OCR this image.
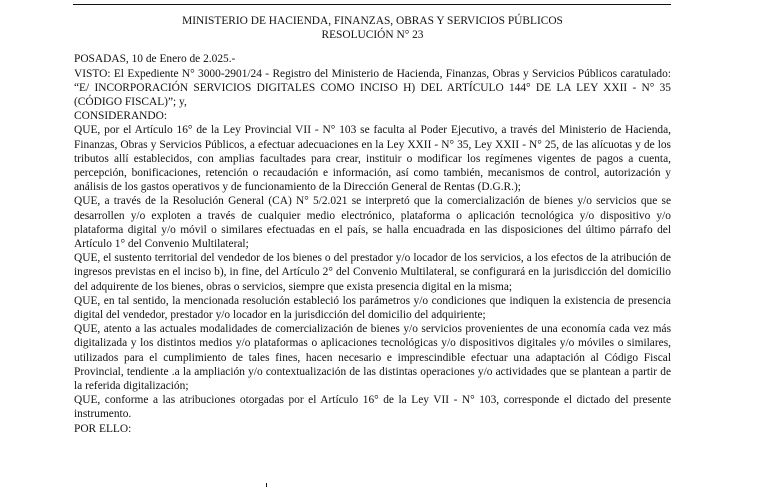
MINISTERIO DE HACIENDA, FINANZAS, OBRAS Y SERVICIOS PÚBLICOS

RESOLUCIÓN N° 23

POSADAS, 10 de Enero de 2.025.-

VISTO: El Expediente N° 3000-2901/24 - Registro del Ministerio de Hacienda, Finanzas, Obras y Servicios Públicos caratulado: “E/ INCORPORACIÓN SERVICIOS DIGITALES COMO INCISO H) DEL ARTÍCULO 144° DE LA LEY XXII - N° 35 (CÓDIGO FISCAL)”; y,

CONSIDERANDO:

QUE, por el Artículo 16° de la Ley Provincial VII - N° 103 se faculta al Poder Ejecutivo, a través del Ministerio de Hacienda, Finanzas, Obras y Servicios Públicos, a efectuar adecuaciones en la Ley XXII - N° 35, Ley XXII - N° 25, de las alícuotas y de los tributos allí establecidos, con amplias facultades para crear, instituir o modificar los regímenes vigentes de pagos a cuenta, percepción, bonificaciones, retención o recaudación e información, así como también, mecanismos de control, autorización y análisis de los gastos operativos y de funcionamiento de la Dirección General de Rentas (D.G.R.);

QUE, a través de la Resolución General (CA) N° 5/2.021 se interpretó que la comercialización de bienes y/o servicios que se desarrollen y/o exploten a través de cualquier medio electrónico, plataforma o aplicación tecnológica y/o dispositivo y/o plataforma digital y/o móvil o similares efectuadas en el país, se halla encuadrada en las disposiciones del último párrafo del Artículo 1° del Convenio Multilateral;

QUE, el sustento territorial del vendedor de los bienes o del prestador y/o locador de los servicios, a los efectos de la atribución de ingresos previstas en el inciso b), in fine, del Artículo 2° del Convenio Multilateral, se configurará en la jurisdicción del domicilio del adquirente de los bienes, obras o servicios, siempre que exista presencia digital en la misma;

QUE, en tal sentido, la mencionada resolución estableció los parámetros y/o condiciones que indiquen la existencia de presencia digital del vendedor, prestador y/o locador en la jurisdicción del domicilio del adquiriente;

QUE, atento a las actuales modalidades de comercialización de bienes y/o servicios provenientes de una economía cada vez más digitalizada y los distintos medios y/o plataformas o aplicaciones tecnológicas y/o dispositivos digitales y/o móviles o similares, utilizados para el cumplimiento de tales fines, hacen necesario e imprescindible efectuar una adaptación al Código Fiscal Provincial, tendiente .a la ampliación y/o contextualización de las distintas operaciones y/o actividades que se plantean a partir de la referida digitalización;

QUE, conforme a las atribuciones otorgadas por el Artículo 16° de la Ley VII - N° 103, corresponde el dictado del presente instrumento.

POR ELLO:
